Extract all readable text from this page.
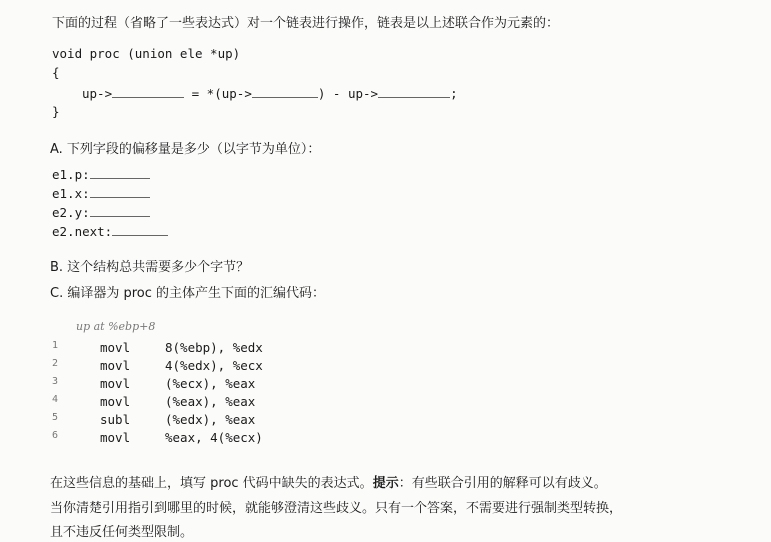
下面的过程（省略了一些表达式）对一个链表进行操作，链表是以上述联合作为元素的：
void proc (union ele *up)
{
up->	= *(up->	) - up->	;
}
A. 下列字段的偏移量是多少（以字节为单位）：
e1.p:
e1.x:
e2.y:
e2.next:
B. 这个结构总共需要多少个字节？
C. 编译器为 proc 的主体产生下面的汇编代码：
up at %ebp+8
1	movl	8(%ebp), %edx
2	movl	4(%edx), %ecx
3	movl	(%ecx), %eax
4	movl	(%eax), %eax
5	subl	(%edx), %eax
6	movl	%eax, 4(%ecx)
在这些信息的基础上，填写 proc 代码中缺失的表达式。提示：有些联合引用的解释可以有歧义。
当你清楚引用指引到哪里的时候，就能够澄清这些歧义。只有一个答案，不需要进行强制类型转换，
且不违反任何类型限制。
